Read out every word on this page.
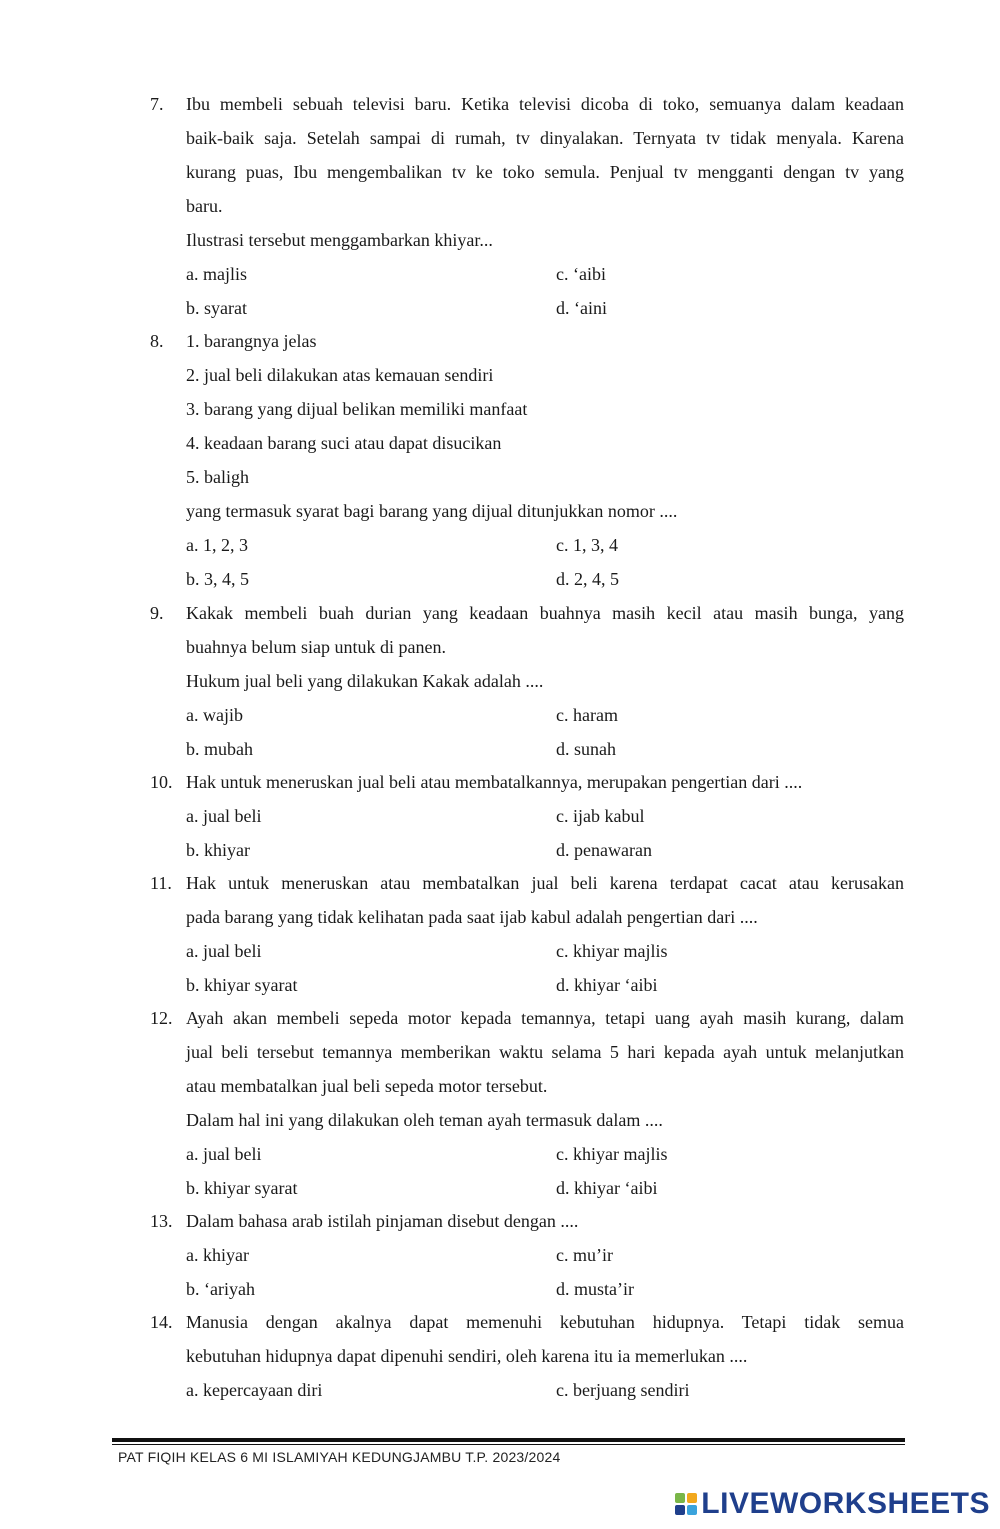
7.	Ibu membeli sebuah televisi baru. Ketika televisi dicoba di toko, semuanya dalam keadaan
baik-baik saja. Setelah sampai di rumah, tv dinyalakan. Ternyata tv tidak menyala. Karena
kurang puas, Ibu mengembalikan tv ke toko semula. Penjual tv mengganti dengan tv yang
baru.
Ilustrasi tersebut menggambarkan khiyar...
a. majlis	c. ‘aibi
b. syarat	d. ‘aini
8.	1. barangnya jelas
2. jual beli dilakukan atas kemauan sendiri
3. barang yang dijual belikan memiliki manfaat
4. keadaan barang suci atau dapat disucikan
5. baligh
yang termasuk syarat bagi barang yang dijual ditunjukkan nomor ....
a. 1, 2, 3	c. 1, 3, 4
b. 3, 4, 5	d. 2, 4, 5
9.	Kakak membeli buah durian yang keadaan buahnya masih kecil atau masih bunga, yang
buahnya belum siap untuk di panen.
Hukum jual beli yang dilakukan Kakak adalah ....
a. wajib	c. haram
b. mubah	d. sunah
10. Hak untuk meneruskan jual beli atau membatalkannya, merupakan pengertian dari ....
a. jual beli	c. ijab kabul
b. khiyar	d. penawaran
11. Hak untuk meneruskan atau membatalkan jual beli karena terdapat cacat atau kerusakan
pada barang yang tidak kelihatan pada saat ijab kabul adalah pengertian dari ....
a. jual beli	c. khiyar majlis
b. khiyar syarat	d. khiyar ‘aibi
12. Ayah akan membeli sepeda motor kepada temannya, tetapi uang ayah masih kurang, dalam
jual beli tersebut temannya memberikan waktu selama 5 hari kepada ayah untuk melanjutkan
atau membatalkan jual beli sepeda motor tersebut.
Dalam hal ini yang dilakukan oleh teman ayah termasuk dalam ....
a. jual beli	c. khiyar majlis
b. khiyar syarat	d. khiyar ‘aibi
13. Dalam bahasa arab istilah pinjaman disebut dengan ....
a. khiyar	c. mu’ir
b. ‘ariyah	d. musta’ir
14. Manusia dengan akalnya dapat memenuhi kebutuhan hidupnya. Tetapi tidak semua
kebutuhan hidupnya dapat dipenuhi sendiri, oleh karena itu ia memerlukan ....
a. kepercayaan diri	c. berjuang sendiri
PAT FIQIH KELAS 6 MI ISLAMIYAH KEDUNGJAMBU T.P. 2023/2024
LIVEWORKSHEETS
